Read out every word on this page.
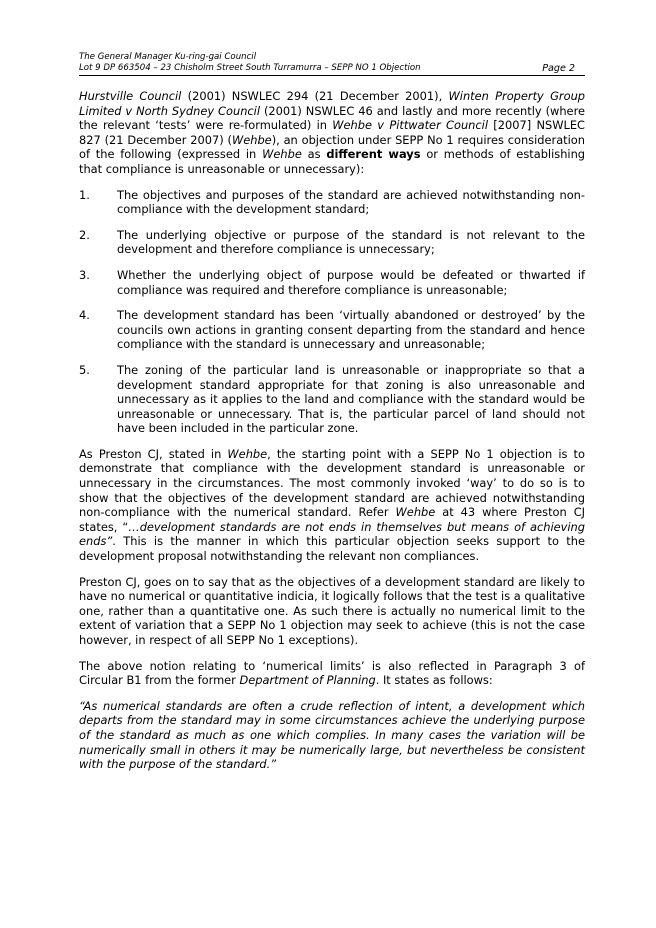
The General Manager Ku-ring-gai Council
Lot 9 DP 663504 – 23 Chisholm Street South Turramurra – SEPP NO 1 Objection	Page 2

Hurstville Council (2001) NSWLEC 294 (21 December 2001), Winten Property Group Limited v North Sydney Council (2001) NSWLEC 46 and lastly and more recently (where the relevant ‘tests’ were re-formulated) in Wehbe v Pittwater Council [2007] NSWLEC 827 (21 December 2007) (Wehbe), an objection under SEPP No 1 requires consideration of the following (expressed in Wehbe as different ways or methods of establishing that compliance is unreasonable or unnecessary):

1.	The objectives and purposes of the standard are achieved notwithstanding non-compliance with the development standard;
2.	The underlying objective or purpose of the standard is not relevant to the development and therefore compliance is unnecessary;
3.	Whether the underlying object of purpose would be defeated or thwarted if compliance was required and therefore compliance is unreasonable;
4.	The development standard has been ‘virtually abandoned or destroyed’ by the councils own actions in granting consent departing from the standard and hence compliance with the standard is unnecessary and unreasonable;
5.	The zoning of the particular land is unreasonable or inappropriate so that a development standard appropriate for that zoning is also unreasonable and unnecessary as it applies to the land and compliance with the standard would be unreasonable or unnecessary. That is, the particular parcel of land should not have been included in the particular zone.

As Preston CJ, stated in Wehbe, the starting point with a SEPP No 1 objection is to demonstrate that compliance with the development standard is unreasonable or unnecessary in the circumstances. The most commonly invoked ‘way’ to do so is to show that the objectives of the development standard are achieved notwithstanding non-compliance with the numerical standard. Refer Wehbe at 43 where Preston CJ states, “…development standards are not ends in themselves but means of achieving ends”. This is the manner in which this particular objection seeks support to the development proposal notwithstanding the relevant non compliances.

Preston CJ, goes on to say that as the objectives of a development standard are likely to have no numerical or quantitative indicia, it logically follows that the test is a qualitative one, rather than a quantitative one. As such there is actually no numerical limit to the extent of variation that a SEPP No 1 objection may seek to achieve (this is not the case however, in respect of all SEPP No 1 exceptions).

The above notion relating to ‘numerical limits’ is also reflected in Paragraph 3 of Circular B1 from the former Department of Planning. It states as follows:

“As numerical standards are often a crude reflection of intent, a development which departs from the standard may in some circumstances achieve the underlying purpose of the standard as much as one which complies. In many cases the variation will be numerically small in others it may be numerically large, but nevertheless be consistent with the purpose of the standard.”
